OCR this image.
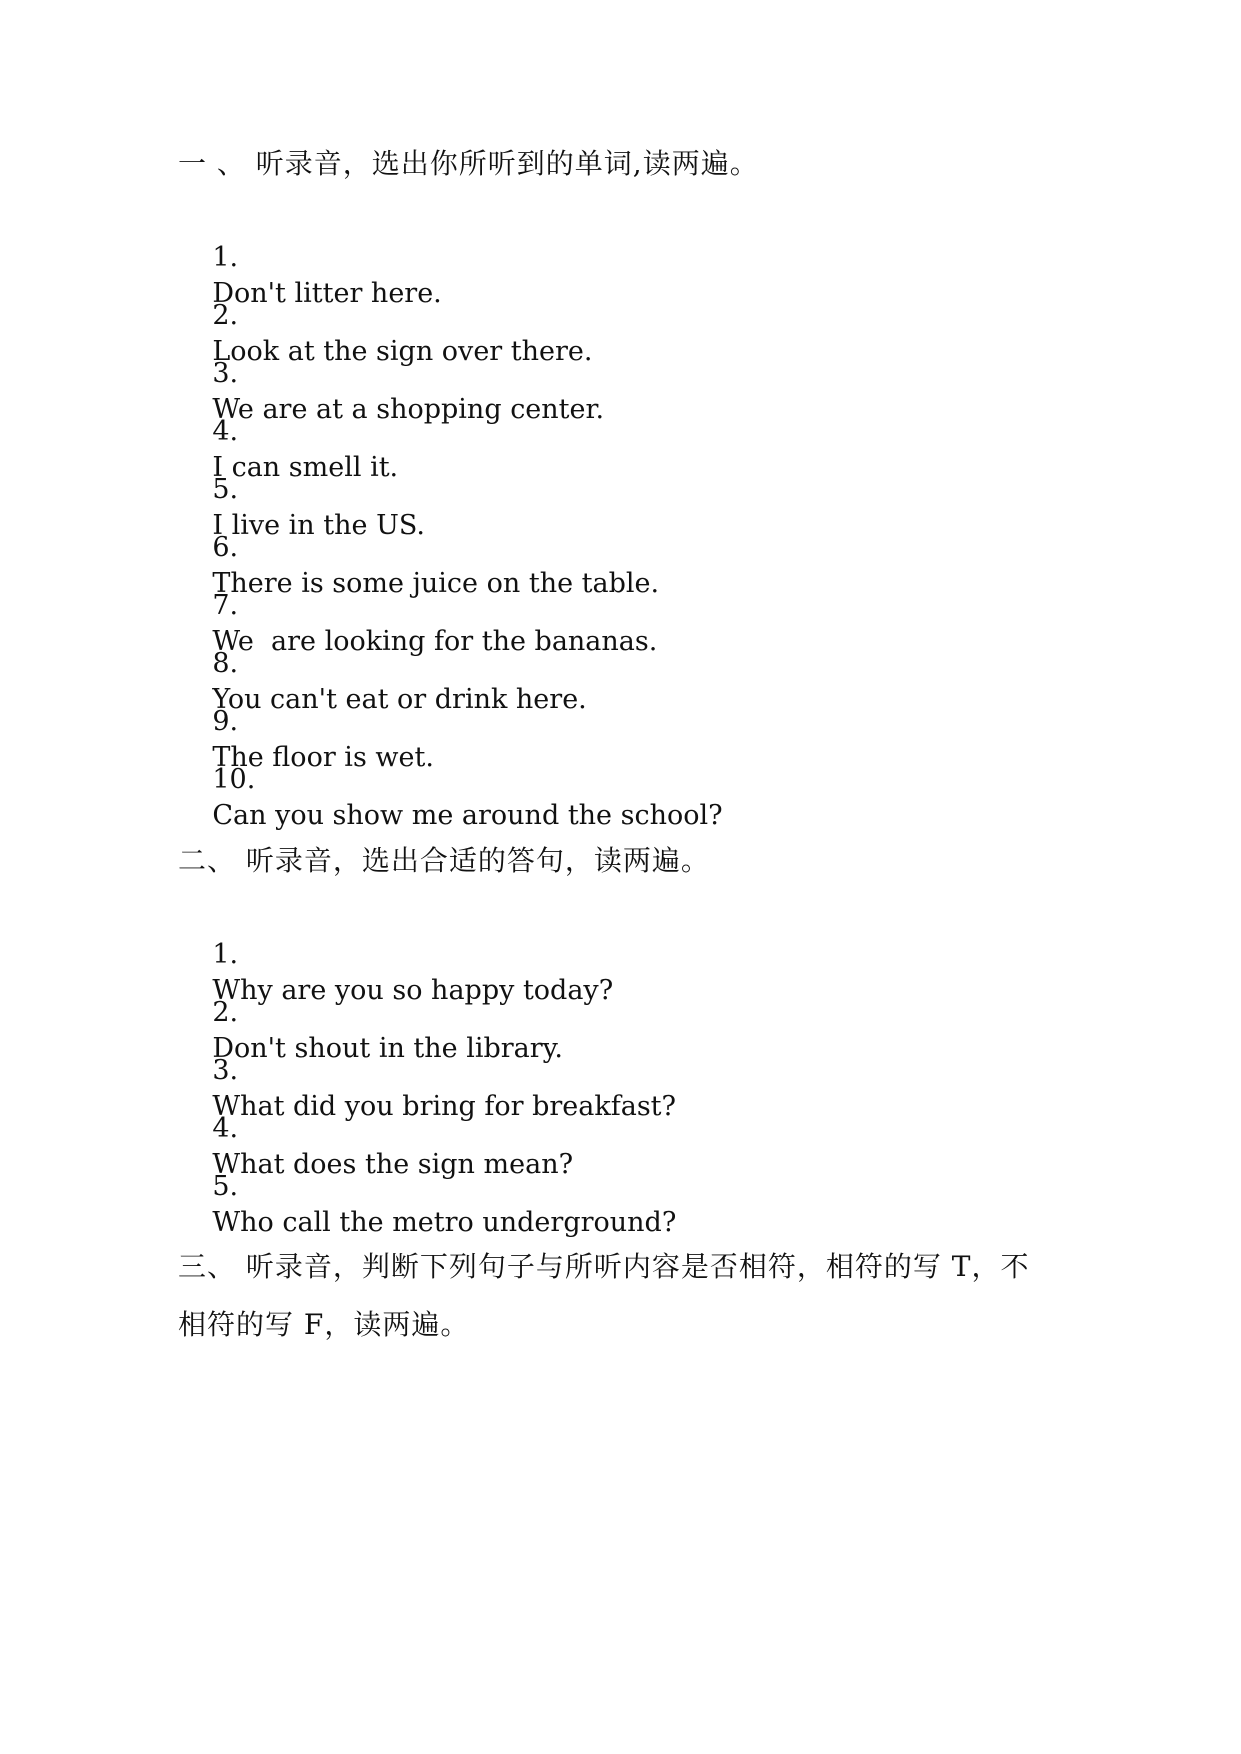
一 、 听录音，选出你所听到的单词,读两遍。

1.
Don't litter here.

2.
Look at the sign over there.

3.
We are at a shopping center.

4.
I can smell it.

5.
I live in the US.

6.
There is some juice on the table.

7.
We  are looking for the bananas.

8.
You can't eat or drink here.

9.
The floor is wet.

10.
Can you show me around the school?

二、 听录音，选出合适的答句，读两遍。

1.
Why are you so happy today?

2.
Don't shout in the library.

3.
What did you bring for breakfast?

4.
What does the sign mean?

5.
Who call the metro underground?

三、 听录音，判断下列句子与所听内容是否相符，相符的写 T，不
相符的写 F，读两遍。
